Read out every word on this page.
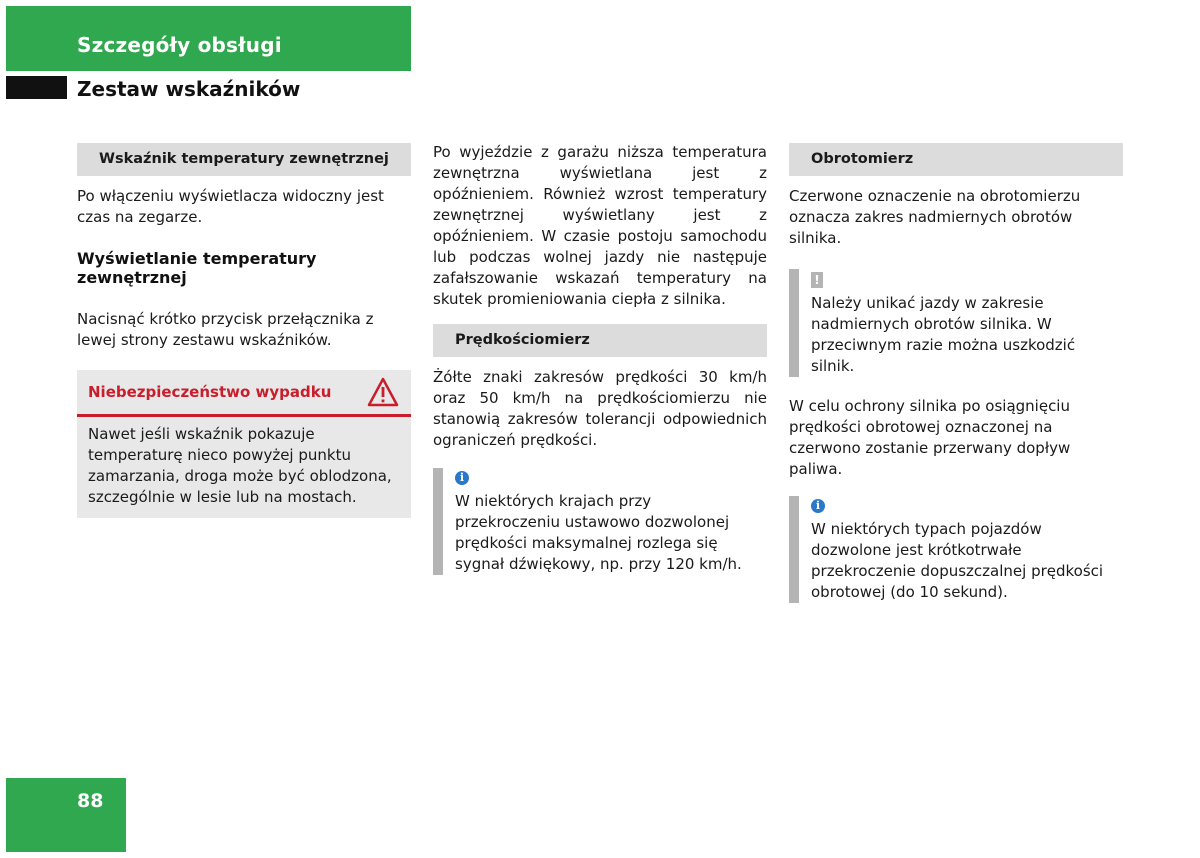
Szczegóły obsługi
Zestaw wskaźników
Wskaźnik temperatury zewnętrznej

Po włączeniu wyświetlacza widoczny jest czas na zegarze.

Wyświetlanie temperatury zewnętrznej

Nacisnąć krótko przycisk przełącznika z lewej strony zestawu wskaźników.

Niebezpieczeństwo wypadku
Nawet jeśli wskaźnik pokazuje temperaturę nieco powyżej punktu zamarzania, droga może być oblodzona, szczególnie w lesie lub na mostach.

Po wyjeździe z garażu niższa temperatura zewnętrzna wyświetlana jest z opóźnieniem. Również wzrost temperatury zewnętrznej wyświetlany jest z opóźnieniem. W czasie postoju samochodu lub podczas wolnej jazdy nie następuje zafałszowanie wskazań temperatury na skutek promieniowania ciepła z silnika.

Prędkościomierz

Żółte znaki zakresów prędkości 30 km/h oraz 50 km/h na prędkościomierzu nie stanowią zakresów tolerancji odpowiednich ograniczeń prędkości.

i

W niektórych krajach przy przekroczeniu ustawowo dozwolonej prędkości maksymalnej rozlega się sygnał dźwiękowy, np. przy 120 km/h.

Obrotomierz

Czerwone oznaczenie na obrotomierzu oznacza zakres nadmiernych obrotów silnika.

!

Należy unikać jazdy w zakresie nadmiernych obrotów silnika. W przeciwnym razie można uszkodzić silnik.

W celu ochrony silnika po osiągnięciu prędkości obrotowej oznaczonej na czerwono zostanie przerwany dopływ paliwa.

i

W niektórych typach pojazdów dozwolone jest krótkotrwałe przekroczenie dopuszczalnej prędkości obrotowej (do 10 sekund).

88
